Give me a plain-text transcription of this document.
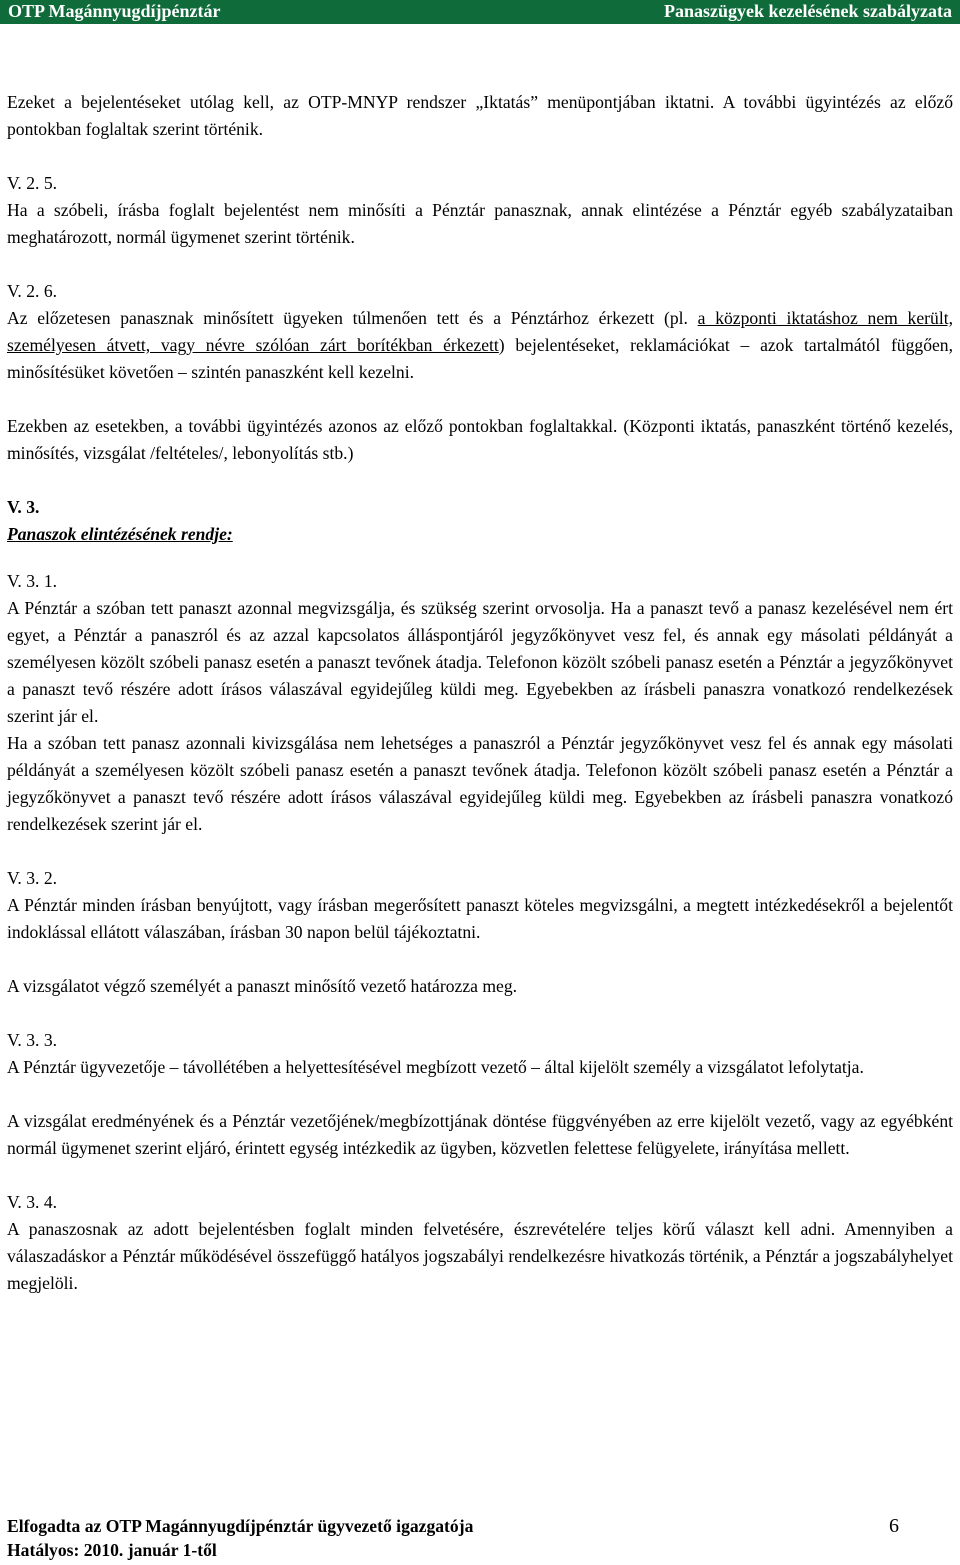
OTP Magánnyugdíjpénztár	Panaszügyek kezelésének szabályzata

Ezeket a bejelentéseket utólag kell, az OTP-MNYP rendszer „Iktatás” menüpontjában iktatni. A további ügyintézés az előző pontokban foglaltak szerint történik.

V. 2. 5.

Ha a szóbeli, írásba foglalt bejelentést nem minősíti a Pénztár panasznak, annak elintézése a Pénztár egyéb szabályzataiban meghatározott, normál ügymenet szerint történik.

V. 2. 6.

Az előzetesen panasznak minősített ügyeken túlmenően tett és a Pénztárhoz érkezett (pl. a központi iktatáshoz nem került, személyesen átvett, vagy névre szólóan zárt borítékban érkezett) bejelentéseket, reklamációkat – azok tartalmától függően, minősítésüket követően – szintén panaszként kell kezelni.

Ezekben az esetekben, a további ügyintézés azonos az előző pontokban foglaltakkal. (Központi iktatás, panaszként történő kezelés, minősítés, vizsgálat /feltételes/, lebonyolítás stb.)

V. 3.

Panaszok elintézésének rendje:

V. 3. 1.

A Pénztár a szóban tett panaszt azonnal megvizsgálja, és szükség szerint orvosolja. Ha a panaszt tevő a panasz kezelésével nem ért egyet, a Pénztár a panaszról és az azzal kapcsolatos álláspontjáról jegyzőkönyvet vesz fel, és annak egy másolati példányát a személyesen közölt szóbeli panasz esetén a panaszt tevőnek átadja. Telefonon közölt szóbeli panasz esetén a Pénztár a jegyzőkönyvet a panaszt tevő részére adott írásos válaszával egyidejűleg küldi meg. Egyebekben az írásbeli panaszra vonatkozó rendelkezések szerint jár el.

Ha a szóban tett panasz azonnali kivizsgálása nem lehetséges a panaszról a Pénztár jegyzőkönyvet vesz fel és annak egy másolati példányát a személyesen közölt szóbeli panasz esetén a panaszt tevőnek átadja. Telefonon közölt szóbeli panasz esetén a Pénztár a jegyzőkönyvet a panaszt tevő részére adott írásos válaszával egyidejűleg küldi meg. Egyebekben az írásbeli panaszra vonatkozó rendelkezések szerint jár el.

V. 3. 2.

A Pénztár minden írásban benyújtott, vagy írásban megerősített panaszt köteles megvizsgálni, a megtett intézkedésekről a bejelentőt indoklással ellátott válaszában, írásban 30 napon belül tájékoztatni.

A vizsgálatot végző személyét a panaszt minősítő vezető határozza meg.

V. 3. 3.

A Pénztár ügyvezetője – távollétében a helyettesítésével megbízott vezető – által kijelölt személy a vizsgálatot lefolytatja.

A vizsgálat eredményének és a Pénztár vezetőjének/megbízottjának döntése függvényében az erre kijelölt vezető, vagy az egyébként normál ügymenet szerint eljáró, érintett egység intézkedik az ügyben, közvetlen felettese felügyelete, irányítása mellett.

V. 3. 4.

A panaszosnak az adott bejelentésben foglalt minden felvetésére, észrevételére teljes körű választ kell adni. Amennyiben a válaszadáskor a Pénztár működésével összefüggő hatályos jogszabályi rendelkezésre hivatkozás történik, a Pénztár a jogszabályhelyet megjelöli.

Elfogadta az OTP Magánnyugdíjpénztár ügyvezető igazgatója
Hatályos: 2010. január 1-től
6
